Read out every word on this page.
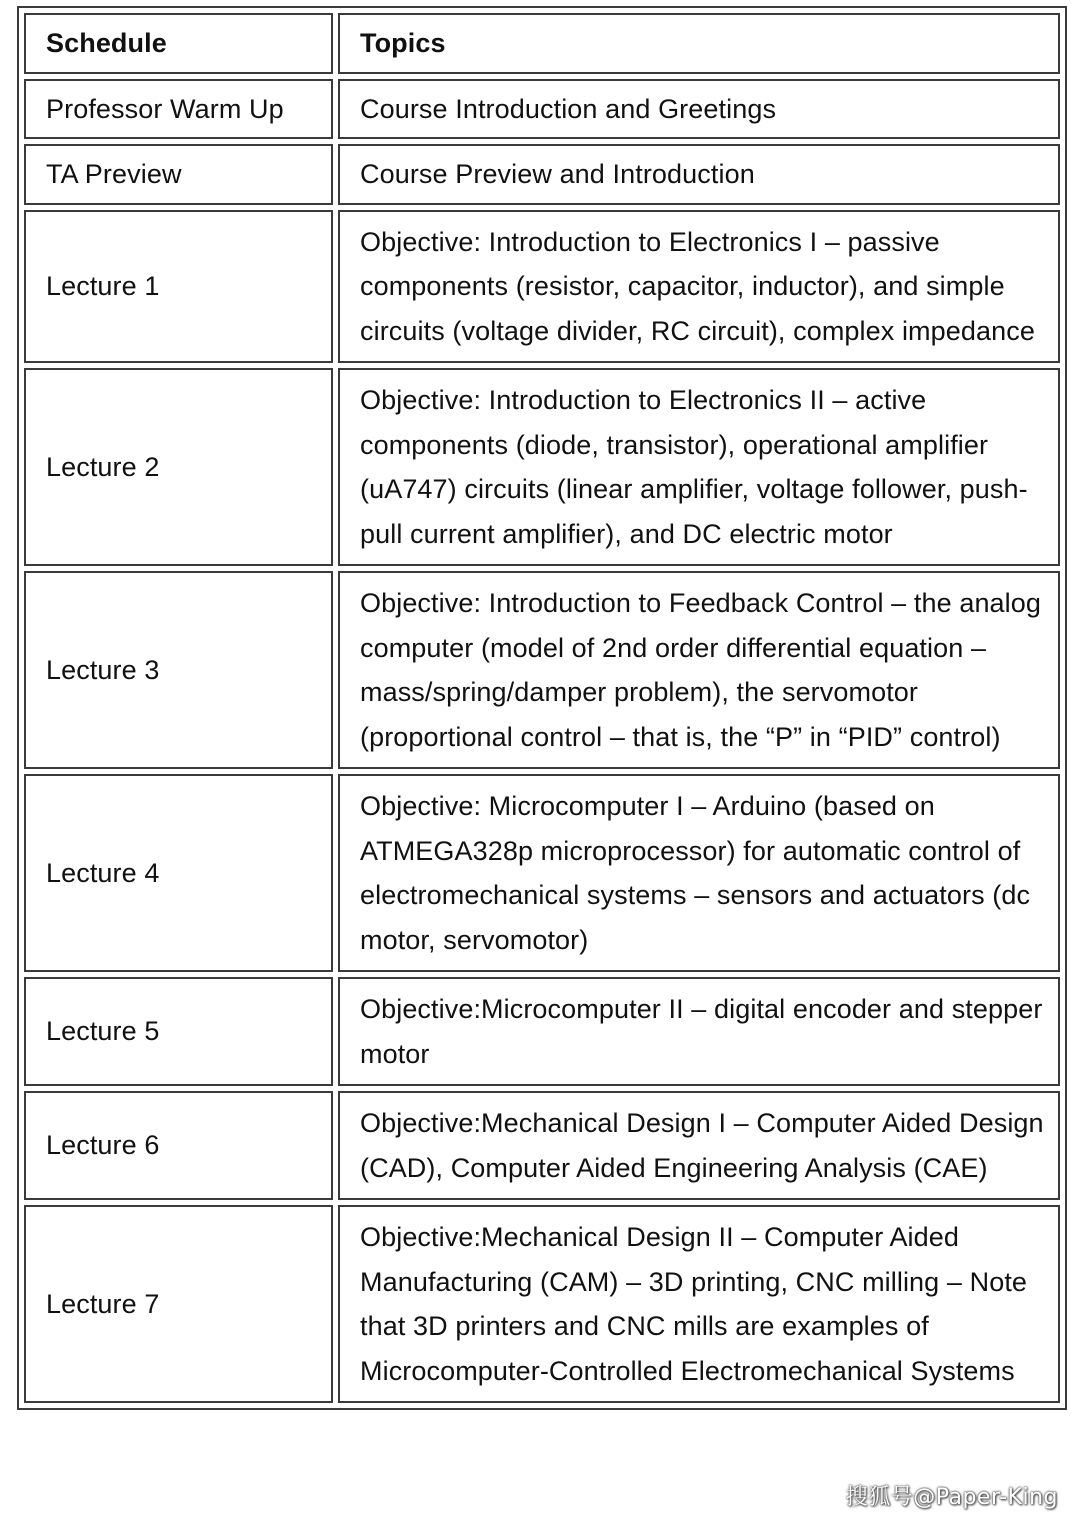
Schedule	Topics
Professor Warm Up	Course Introduction and Greetings
TA Preview	Course Preview and Introduction
Lecture 1	Objective: Introduction to Electronics I – passive components (resistor, capacitor, inductor), and simple circuits (voltage divider, RC circuit), complex impedance
Lecture 2	Objective: Introduction to Electronics II – active components (diode, transistor), operational amplifier (uA747) circuits (linear amplifier, voltage follower, push-pull current amplifier), and DC electric motor
Lecture 3	Objective: Introduction to Feedback Control – the analog computer (model of 2nd order differential equation – mass/spring/damper problem), the servomotor (proportional control – that is, the “P” in “PID” control)
Lecture 4	Objective: Microcomputer I – Arduino (based on ATMEGA328p microprocessor) for automatic control of electromechanical systems – sensors and actuators (dc motor, servomotor)
Lecture 5	Objective:Microcomputer II – digital encoder and stepper motor
Lecture 6	Objective:Mechanical Design I – Computer Aided Design (CAD), Computer Aided Engineering Analysis (CAE)
Lecture 7	Objective:Mechanical Design II – Computer Aided Manufacturing (CAM) – 3D printing, CNC milling – Note that 3D printers and CNC mills are examples of Microcomputer-Controlled Electromechanical Systems
搜狐号@Paper-King
